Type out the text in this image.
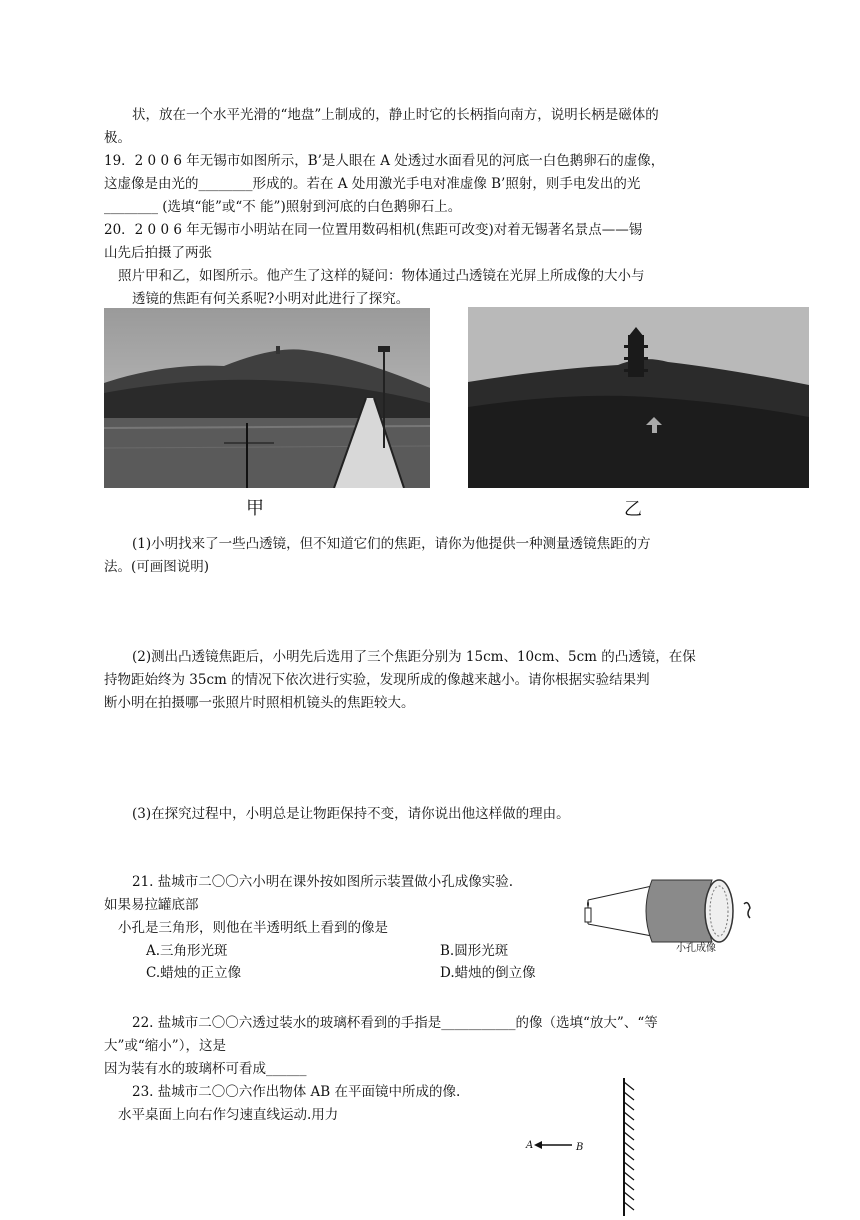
状，放在一个水平光滑的“地盘”上制成的，静止时它的长柄指向南方，说明长柄是磁体的
极。
19．2 0 0 6 年无锡市如图所示，B’是人眼在 A 处透过水面看见的河底一白色鹅卵石的虚像，
这虚像是由光的________形成的。若在 A 处用激光手电对准虚像 B’照射，则手电发出的光
________ (选填“能”或“不 能”)照射到河底的白色鹅卵石上。
20．2 0 0 6 年无锡市小明站在同一位置用数码相机(焦距可改变)对着无锡著名景点——锡
山先后拍摄了两张
照片甲和乙，如图所示。他产生了这样的疑问：物体通过凸透镜在光屏上所成像的大小与
透镜的焦距有何关系呢?小明对此进行了探究。
甲	乙
(1)小明找来了一些凸透镜，但不知道它们的焦距，请你为他提供一种测量透镜焦距的方
法。(可画图说明)
(2)测出凸透镜焦距后，小明先后选用了三个焦距分别为 15cm、10cm、5cm 的凸透镜，在保
持物距始终为 35cm 的情况下依次进行实验，发现所成的像越来越小。请你根据实验结果判
断小明在拍摄哪一张照片时照相机镜头的焦距较大。
(3)在探究过程中，小明总是让物距保持不变，请你说出他这样做的理由。
21. 盐城市二〇〇六小明在课外按如图所示装置做小孔成像实验.
如果易拉罐底部
小孔是三角形，则他在半透明纸上看到的像是
A.三角形光斑	B.圆形光斑
C.蜡烛的正立像	D.蜡烛的倒立像
小孔成像
22. 盐城市二〇〇六透过装水的玻璃杯看到的手指是___________的像（选填“放大”、“等
大”或“缩小”），这是
因为装有水的玻璃杯可看成______
23. 盐城市二〇〇六作出物体 AB 在平面镜中所成的像.
水平桌面上向右作匀速直线运动.用力
A	B
